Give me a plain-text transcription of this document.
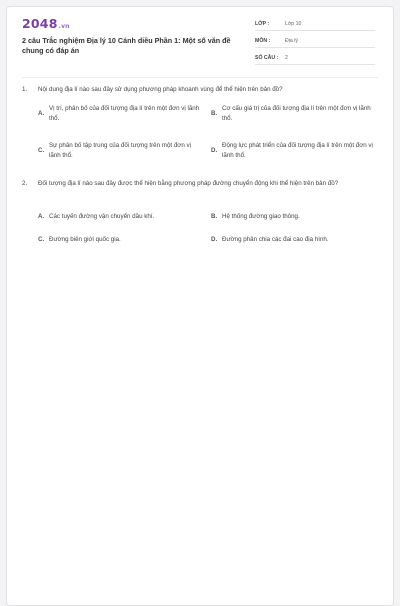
2048.vn
2 câu Trắc nghiệm Địa lý 10 Cánh diều Phần 1: Một số văn đề chung có đáp án
LỚP :	Lớp 10
MÔN :	Địa lý
SỐ CÂU :	2
1.	Nội dung địa lí nào sau đây sử dụng phương pháp khoanh vùng để thể hiện trên bản đồ?
A.
Vị trí, phân bố của đối tượng địa lí trên một đơn vị lãnh thổ.
B.
Cơ cấu giá trị của đối tượng địa lí trên một đơn vị lãnh thổ.
C.
Sự phân bố tập trung của đối tượng trên một đơn vị lãnh thổ.
D.
Động lực phát triển của đối tượng địa lí trên một đơn vị lãnh thổ.
2.	Đối tượng địa lí nào sau đây được thể hiện bằng phương pháp đường chuyển động khi thể hiện trên bản đồ?
A. Các tuyến đường vận chuyển dầu khí.	B. Hệ thống đường giao thông.
C. Đường biên giới quốc gia.	D. Đường phân chia các đai cao địa hình.
